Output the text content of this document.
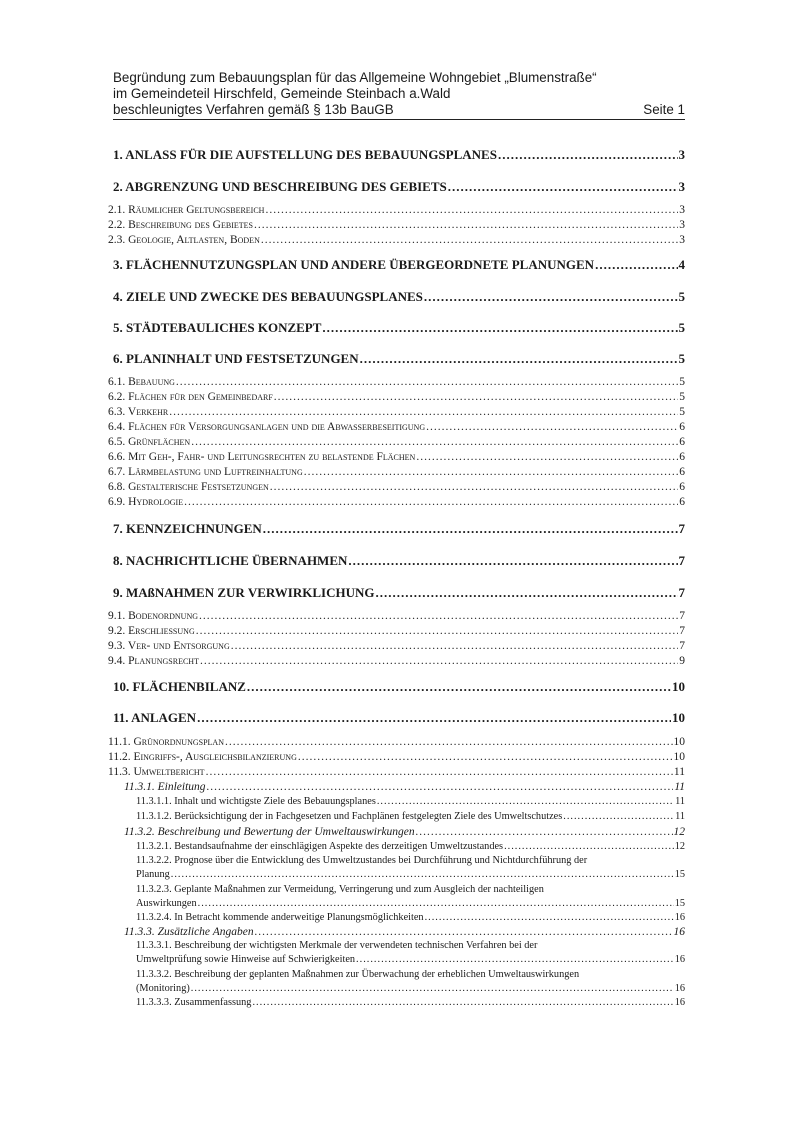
Begründung zum Bebauungsplan für das Allgemeine Wohngebiet „Blumenstraße“
im Gemeindeteil Hirschfeld, Gemeinde Steinbach a.Wald
beschleunigtes Verfahren gemäß § 13b BauGB	Seite 1
1. ANLASS FÜR DIE AUFSTELLUNG DES BEBAUUNGSPLANES .....	3
2. ABGRENZUNG UND BESCHREIBUNG DES GEBIETS .....	3
2.1. Räumlicher Geltungsbereich .....	3
2.2. Beschreibung des Gebietes .....	3
2.3. Geologie, Altlasten, Boden .....	3
3. FLÄCHENNUTZUNGSPLAN UND ANDERE ÜBERGEORDNETE PLANUNGEN .....	4
4. ZIELE UND ZWECKE DES BEBAUUNGSPLANES .....	5
5. STÄDTEBAULICHES KONZEPT .....	5
6. PLANINHALT UND FESTSETZUNGEN .....	5
6.1. Bebauung .....	5
6.2. Flächen für den Gemeinbedarf .....	5
6.3. Verkehr .....	5
6.4. Flächen für Versorgungsanlagen und die Abwasserbeseitigung .....	6
6.5. Grünflächen .....	6
6.6. Mit Geh-, Fahr- und Leitungsrechten zu belastende Flächen .....	6
6.7. Lärmbelastung und Luftreinhaltung .....	6
6.8. Gestalterische Festsetzungen .....	6
6.9. Hydrologie .....	6
7. KENNZEICHNUNGEN .....	7
8. NACHRICHTLICHE ÜBERNAHMEN .....	7
9. MAßNAHMEN ZUR VERWIRKLICHUNG .....	7
9.1. Bodenordnung .....	7
9.2. Erschließung .....	7
9.3. Ver- und Entsorgung .....	7
9.4. Planungsrecht .....	9
10. FLÄCHENBILANZ .....	10
11. ANLAGEN .....	10
11.1. Grünordnungsplan .....	10
11.2. Eingriffs-, Ausgleichsbilanzierung .....	10
11.3. Umweltbericht .....	11
11.3.1. Einleitung .....	11
11.3.1.1. Inhalt und wichtigste Ziele des Bebauungsplanes .....	11
11.3.1.2. Berücksichtigung der in Fachgesetzen und Fachplänen festgelegten Ziele des Umweltschutzes .....	11
11.3.2. Beschreibung und Bewertung der Umweltauswirkungen .....	12
11.3.2.1. Bestandsaufnahme der einschlägigen Aspekte des derzeitigen Umweltzustandes .....	12
11.3.2.2. Prognose über die Entwicklung des Umweltzustandes bei Durchführung und Nichtdurchführung der
Planung .....	15
11.3.2.3. Geplante Maßnahmen zur Vermeidung, Verringerung und zum Ausgleich der nachteiligen
Auswirkungen .....	15
11.3.2.4. In Betracht kommende anderweitige Planungsmöglichkeiten .....	16
11.3.3. Zusätzliche Angaben .....	16
11.3.3.1. Beschreibung der wichtigsten Merkmale der verwendeten technischen Verfahren bei der
Umweltprüfung sowie Hinweise auf Schwierigkeiten .....	16
11.3.3.2. Beschreibung der geplanten Maßnahmen zur Überwachung der erheblichen Umweltauswirkungen
(Monitoring) .....	16
11.3.3.3. Zusammenfassung .....	16
